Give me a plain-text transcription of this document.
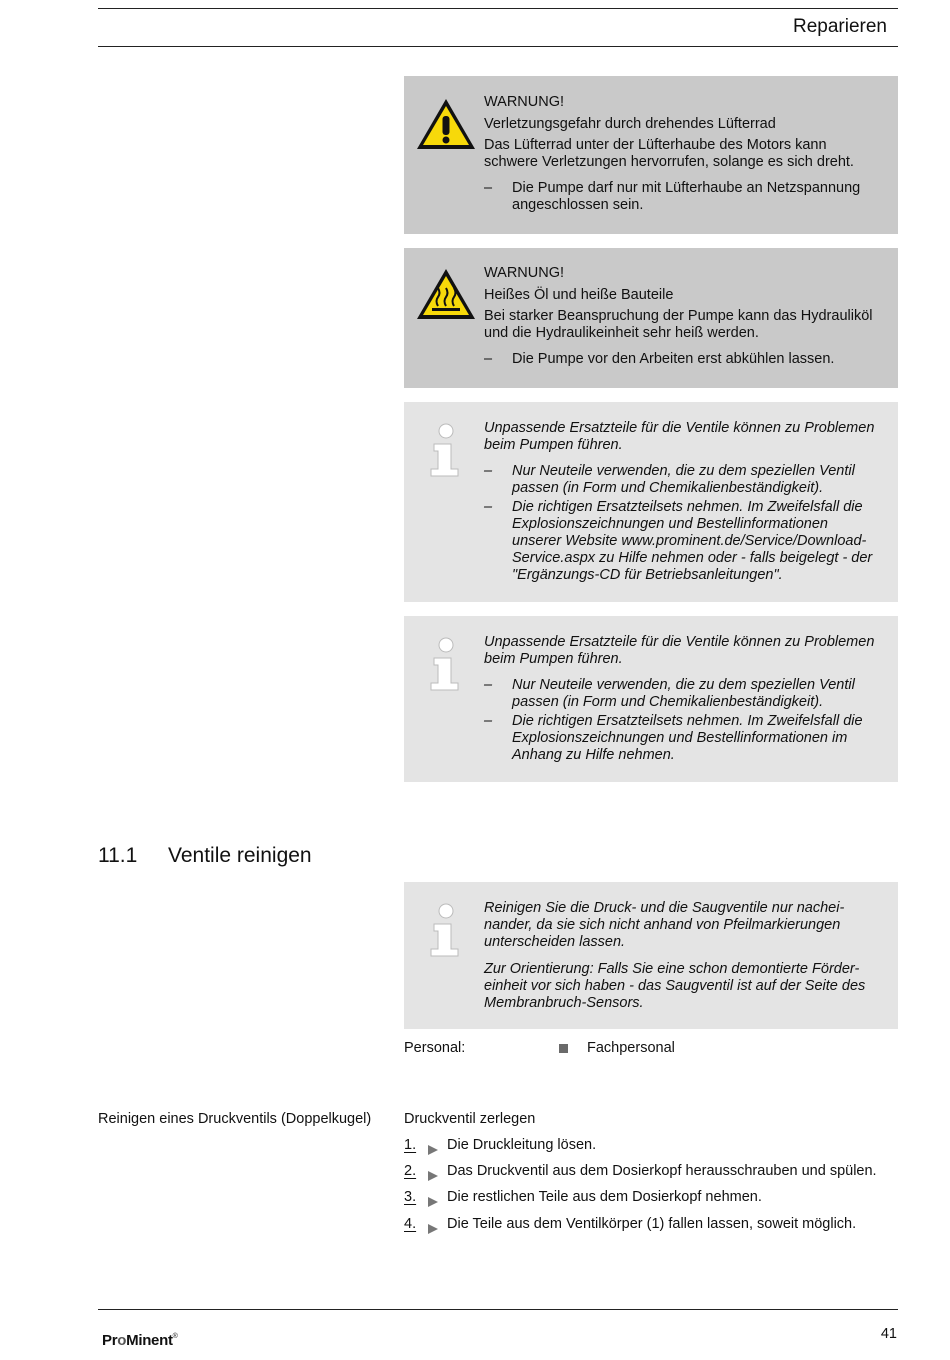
Reparieren

WARNUNG!

Verletzungsgefahr durch drehendes Lüfterrad

Das Lüfterrad unter der Lüfterhaube des Motors kann

schwere Verletzungen hervorrufen, solange es sich dreht.

– Die Pumpe darf nur mit Lüfterhaube an Netzspannung
angeschlossen sein.

WARNUNG!

Heißes Öl und heiße Bauteile

Bei starker Beanspruchung der Pumpe kann das Hydrauliköl

und die Hydraulikeinheit sehr heiß werden.

– Die Pumpe vor den Arbeiten erst abkühlen lassen.

Unpassende Ersatzteile für die Ventile können zu Problemen

beim Pumpen führen.

– Nur Neuteile verwenden, die zu dem speziellen Ventil
passen (in Form und Chemikalienbeständigkeit).
– Die richtigen Ersatzteilsets nehmen. Im Zweifelsfall die
Explosionszeichnungen und Bestellinformationen
unserer Website www.prominent.de/Service/Download-
Service.aspx zu Hilfe nehmen oder - falls beigelegt - der
"Ergänzungs-CD für Betriebsanleitungen".

Unpassende Ersatzteile für die Ventile können zu Problemen

beim Pumpen führen.

– Nur Neuteile verwenden, die zu dem speziellen Ventil
passen (in Form und Chemikalienbeständigkeit).
– Die richtigen Ersatzteilsets nehmen. Im Zweifelsfall die
Explosionszeichnungen und Bestellinformationen im
Anhang zu Hilfe nehmen.
11.1 Ventile reinigen

Reinigen Sie die Druck- und die Saugventile nur nachei-

nander, da sie sich nicht anhand von Pfeilmarkierungen

unterscheiden lassen.

Zur Orientierung: Falls Sie eine schon demontierte Förder-

einheit vor sich haben - das Saugventil ist auf der Seite des

Membranbruch-Sensors.

Personal:	Fachpersonal
Reinigen eines Druckventils (Doppelkugel) Druckventil zerlegen
1. Die Druckleitung lösen.
2. Das Druckventil aus dem Dosierkopf herausschrauben und spülen.
3. Die restlichen Teile aus dem Dosierkopf nehmen.
4. Die Teile aus dem Ventilkörper (1) fallen lassen, soweit möglich.
ProMinent®	41
